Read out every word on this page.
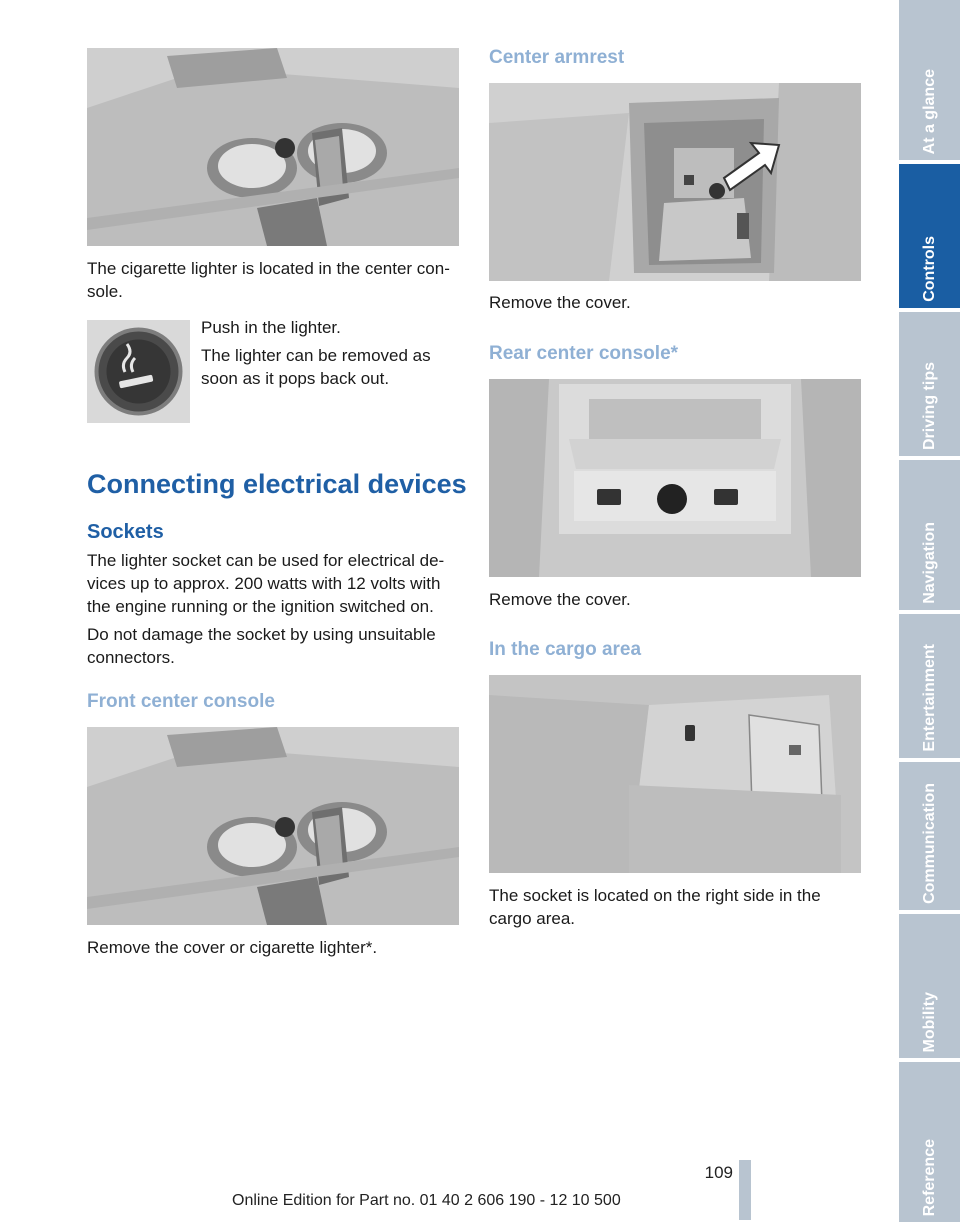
The cigarette lighter is located in the center con-sole.

Push in the lighter.

The lighter can be removed as soon as it pops back out.

Connecting electrical devices
Sockets

The lighter socket can be used for electrical de-vices up to approx. 200 watts with 12 volts with the engine running or the ignition switched on.

Do not damage the socket by using unsuitable connectors.

Front center console

Remove the cover or cigarette lighter*.

Center armrest

Remove the cover.

Rear center console*

Remove the cover.

In the cargo area

The socket is located on the right side in the cargo area.

At a glance
Controls
Driving tips
Navigation
Entertainment
Communication
Mobility
Reference
109
Online Edition for Part no. 01 40 2 606 190 - 12 10 500
